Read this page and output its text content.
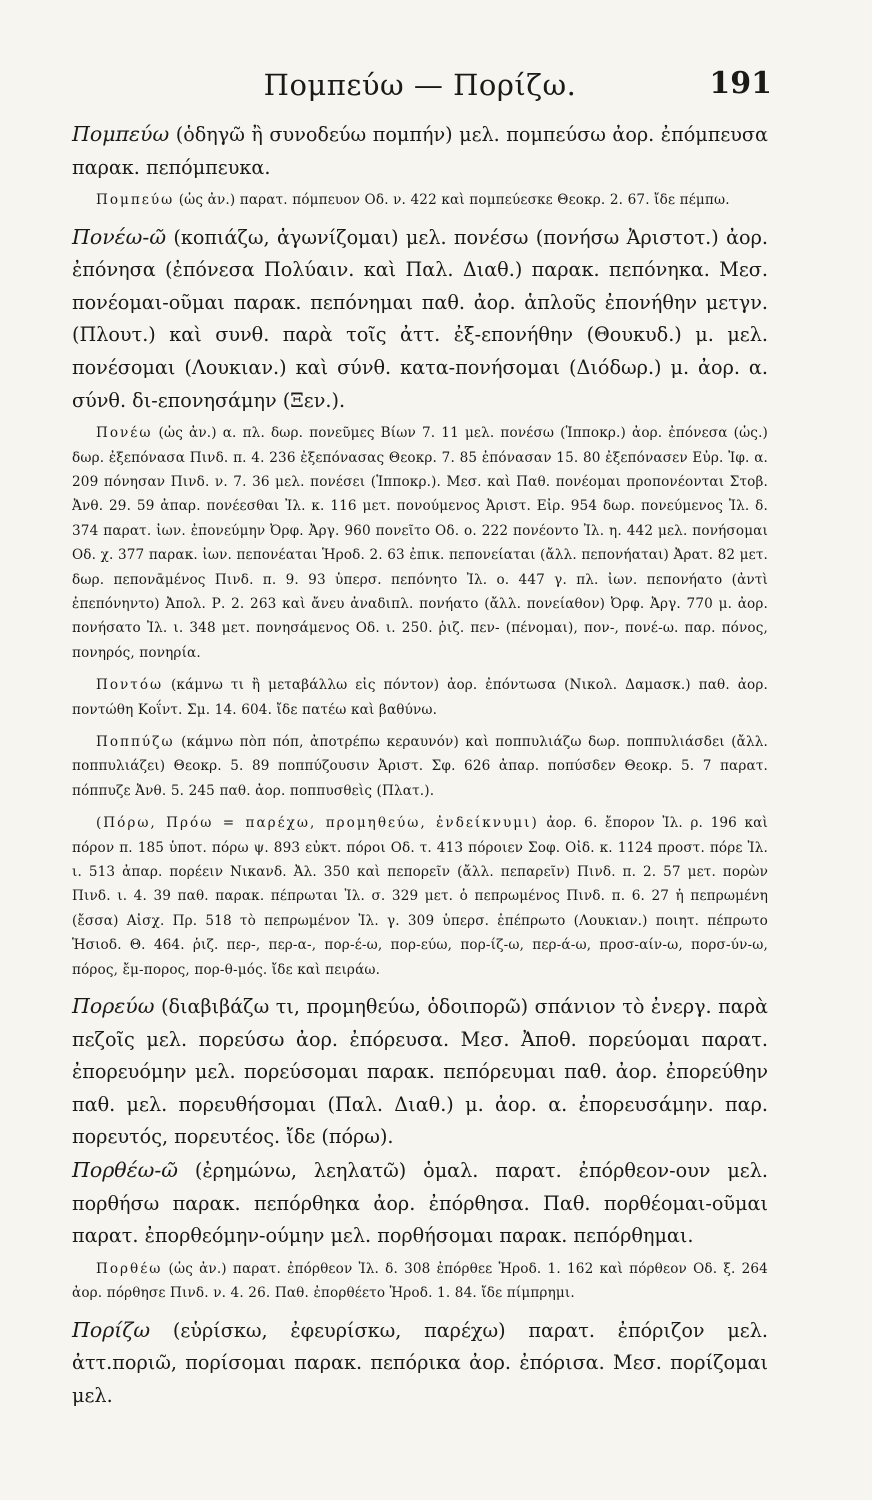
Πομπεύω — Πορίζω.	191

Πομπεύω (ὁδηγῶ ἢ συνοδεύω πομπήν) μελ. πομπεύσω ἀορ. ἐπόμπευσα παρακ. πεπόμπευκα.

Πομπεύω (ὡς ἀν.) παρατ. πόμπευον Οδ. ν. 422 καὶ πομπεύεσκε Θεοκρ. 2. 67. ἴδε πέμπω.

Πονέω-ῶ (κοπιάζω, ἀγωνίζομαι) μελ. πονέσω (πονήσω Ἀριστοτ.) ἀορ. ἐπόνησα (ἐπόνεσα Πολύαιν. καὶ Παλ. Διαθ.) παρακ. πεπόνηκα. Μεσ. πονέομαι-οῦμαι παρακ. πεπόνημαι παθ. ἀορ. ἁπλοῦς ἐπονήθην μετγν. (Πλουτ.) καὶ συνθ. παρὰ τοῖς ἀττ. ἐξ-επονήθην (Θουκυδ.) μ. μελ. πονέσομαι (Λουκιαν.) καὶ σύνθ. κατα-πονήσομαι (Διόδωρ.) μ. ἀορ. α. σύνθ. δι-επονησάμην (Ξεν.).

Πονέω (ὡς ἀν.) α. πλ. δωρ. πονεῦμες Βίων 7. 11 μελ. πονέσω (Ἱπποκρ.) ἀορ. ἐπόνεσα (ὡς.) δωρ. ἐξεπόνασα Πινδ. π. 4. 236 ἐξεπόνασας Θεοκρ. 7. 85 ἐπόνασαν 15. 80 ἐξεπόνασεν Εὐρ. Ἰφ. α. 209 πόνησαν Πινδ. ν. 7. 36 μελ. πονέσει (Ἱπποκρ.). Μεσ. καὶ Παθ. πονέομαι προπονέονται Στοβ. Ἀνθ. 29. 59 ἀπαρ. πονέεσθαι Ἰλ. κ. 116 μετ. πονούμενος Ἀριστ. Εἰρ. 954 δωρ. πονεύμενος Ἰλ. δ. 374 παρατ. ἰων. ἐπονεύμην Ὀρφ. Ἀργ. 960 πονεῖτο Οδ. ο. 222 πονέοντο Ἰλ. η. 442 μελ. πονήσομαι Οδ. χ. 377 παρακ. ἰων. πεπονέαται Ἡροδ. 2. 63 ἐπικ. πεπονείαται (ἄλλ. πεπονήαται) Ἀρατ. 82 μετ. δωρ. πεπονᾱμένος Πινδ. π. 9. 93 ὑπερσ. πεπόνητο Ἰλ. ο. 447 γ. πλ. ἰων. πεπονήατο (ἀντὶ ἐπεπόνηντο) Ἀπολ. Ρ. 2. 263 καὶ ἄνευ ἀναδιπλ. πονήατο (ἄλλ. πονείαθον) Ὀρφ. Ἀργ. 770 μ. ἀορ. πονήσατο Ἰλ. ι. 348 μετ. πονησάμενος Οδ. ι. 250. ῥιζ. πεν- (πένομαι), πον-, πονέ-ω. παρ. πόνος, πονηρός, πονηρία.

Ποντόω (κάμνω τι ἢ μεταβάλλω εἰς πόντον) ἀορ. ἐπόντωσα (Νικολ. Δαμασκ.) παθ. ἀορ. ποντώθη Κοΐντ. Σμ. 14. 604. ἴδε πατέω καὶ βαθύνω.

Ποππύζω (κάμνω πὸπ πόπ, ἀποτρέπω κεραυνόν) καὶ ποππυλιάζω δωρ. ποππυλιάσδει (ἄλλ. ποππυλιάζει) Θεοκρ. 5. 89 ποππύζουσιν Ἀριστ. Σφ. 626 ἀπαρ. ποπύσδεν Θεοκρ. 5. 7 παρατ. πόππυζε Ἀνθ. 5. 245 παθ. ἀορ. ποππυσθεὶς (Πλατ.).

(Πόρω, Πρόω = παρέχω, προμηθεύω, ἐνδείκνυμι) ἀορ. 6. ἔπορον Ἰλ. ρ. 196 καὶ πόρον π. 185 ὑποτ. πόρω ψ. 893 εὐκτ. πόροι Οδ. τ. 413 πόροιεν Σοφ. Οἰδ. κ. 1124 προστ. πόρε Ἰλ. ι. 513 ἀπαρ. πορέειν Νικανδ. Ἀλ. 350 καὶ πεπορεῖν (ἄλλ. πεπαρεῖν) Πινδ. π. 2. 57 μετ. πορὼν Πινδ. ι. 4. 39 παθ. παρακ. πέπρωται Ἰλ. σ. 329 μετ. ὁ πεπρωμένος Πινδ. π. 6. 27 ἡ πεπρωμένη (ἔσσα) Αἰσχ. Πρ. 518 τὸ πεπρωμένον Ἰλ. γ. 309 ὑπερσ. ἐπέπρωτο (Λουκιαν.) ποιητ. πέπρωτο Ἡσιοδ. Θ. 464. ῥιζ. περ-, περ-α-, πορ-έ-ω, πορ-εύω, πορ-ίζ-ω, περ-ά-ω, προσ-αίν-ω, πορσ-ύν-ω, πόρος, ἔμ-πορος, πορ-θ-μός. ἴδε καὶ πειράω.

Πορεύω (διαβιβάζω τι, προμηθεύω, ὁδοιπορῶ) σπάνιον τὸ ἐνεργ. παρὰ πεζοῖς μελ. πορεύσω ἀορ. ἐπόρευσα. Μεσ. Ἀποθ. πορεύομαι παρατ. ἐπορευόμην μελ. πορεύσομαι παρακ. πεπόρευμαι παθ. ἀορ. ἐπορεύθην παθ. μελ. πορευθήσομαι (Παλ. Διαθ.) μ. ἀορ. α. ἐπορευσάμην. παρ. πορευτός, πορευτέος. ἴδε (πόρω).

Πορθέω-ῶ (ἐρημώνω, λεηλατῶ) ὁμαλ. παρατ. ἐπόρθεον-ουν μελ. πορθήσω παρακ. πεπόρθηκα ἀορ. ἐπόρθησα. Παθ. πορθέομαι-οῦμαι παρατ. ἐπορθεόμην-ούμην μελ. πορθήσομαι παρακ. πεπόρθημαι.

Πορθέω (ὡς ἀν.) παρατ. ἐπόρθεον Ἰλ. δ. 308 ἐπόρθεε Ἡροδ. 1. 162 καὶ πόρθεον Οδ. ξ. 264 ἀορ. πόρθησε Πινδ. ν. 4. 26. Παθ. ἐπορθέετο Ἡροδ. 1. 84. ἴδε πίμπρημι.

Πορίζω (εὑρίσκω, ἐφευρίσκω, παρέχω) παρατ. ἐπόριζον μελ. ἀττ.ποριῶ, πορίσομαι παρακ. πεπόρικα ἀορ. ἐπόρισα. Μεσ. πορίζομαι μελ.
